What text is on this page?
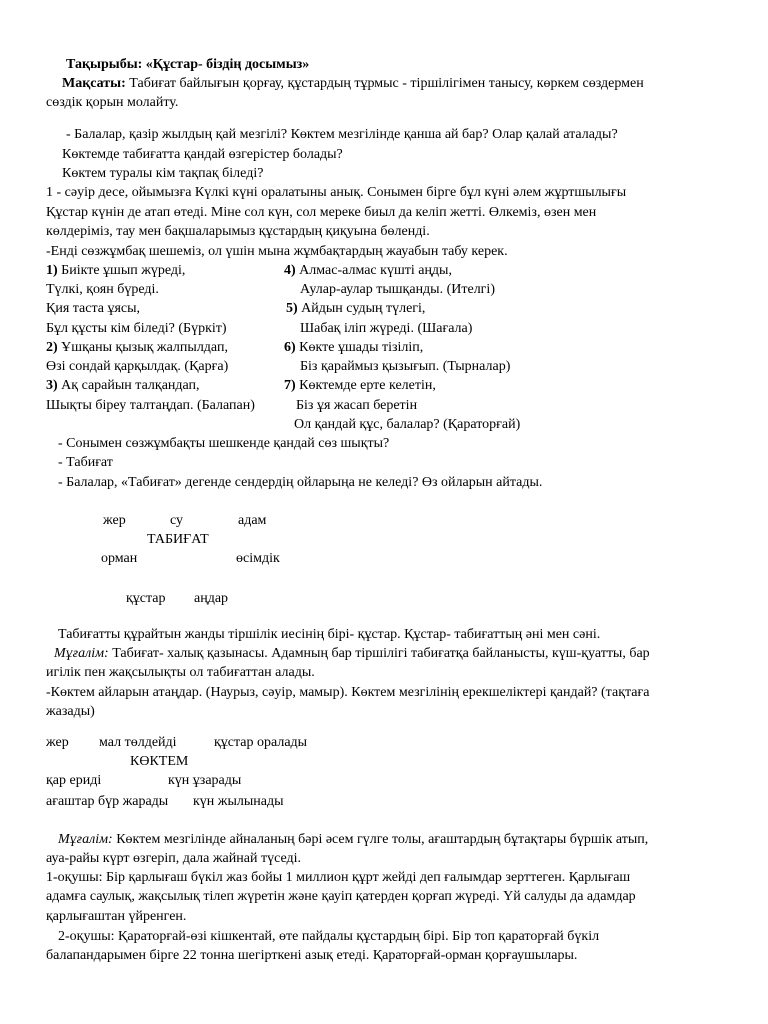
Тақырыбы: «Құстар- біздің досымыз»
Мақсаты: Табиғат байлығын қорғау, құстардың тұрмыс - тіршілігімен танысу, көркем сөздермен
сөздік қорын молайту.
- Балалар, қазір жылдың қай мезгілі? Көктем мезгілінде қанша ай бар? Олар қалай аталады?
Көктемде табиғатта қандай өзгерістер болады?
Көктем туралы кім тақпақ біледі?
1 - сәуір десе, ойымызға Күлкі күні оралатыны анық. Сонымен бірге бұл күні әлем жұртшылығы
Құстар күнін де атап өтеді. Міне сол күн, сол мереке биыл да келіп жетті. Өлкеміз, өзен мен
көлдеріміз, тау мен бақшаларымыз құстардың қиқуына бөленді.
-Енді сөзжұмбақ шешеміз, ол үшін мына жұмбақтардың жауабын табу керек.
1) Биікте ұшып жүреді,
Түлкі, қоян бүреді.
Қия таста ұясы,
Бұл құсты кім біледі? (Бүркіт)
2) Ұшқаны қызық жалпылдап,
Өзі сондай қарқылдақ. (Қарға)
3) Ақ сарайын талқандап,
Шықты біреу талтаңдап. (Балапан)
4) Алмас-алмас күшті аңды,
Аулар-аулар тышқанды. (Ителгі)
5) Айдын судың түлегі,
Шабақ іліп жүреді. (Шағала)
6) Көкте ұшады тізіліп,
Біз қараймыз қызығып. (Тырналар)
7) Көктемде ерте келетін,
Біз ұя жасап беретін
Ол қандай құс, балалар? (Қараторғай)
- Сонымен сөзжұмбақты шешкенде қандай сөз шықты?
- Табиғат
- Балалар, «Табиғат» дегенде сендердің ойларыңа не келеді? Өз ойларын айтады.
жер	су	адам
ТАБИҒАТ
орман	өсімдік
құстар аңдар
Табиғатты құрайтын жанды тіршілік иесінің бірі- құстар. Құстар- табиғаттың әні мен сәні.
Мұғалім: Табиғат- халық қазынасы. Адамның бар тіршілігі табиғатқа байланысты, күш-қуатты, бар
игілік пен жақсылықты ол табиғаттан алады.
-Көктем айларын атаңдар. (Наурыз, сәуір, мамыр). Көктем мезгілінің ерекшеліктері қандай? (тақтаға
жазады)
жер мал төлдейді	құстар оралады
КӨКТЕМ
қар ериді	күн ұзарады
ағаштар бүр жарады күн жылынады
Мұғалім: Көктем мезгілінде айналаның бәрі әсем гүлге толы, ағаштардың бұтақтары бүршік атып,
ауа-райы күрт өзгеріп, дала жайнай түседі.
1-оқушы: Бір қарлығаш бүкіл жаз бойы 1 миллион құрт жейді деп ғалымдар зерттеген. Қарлығаш
адамға саулық, жақсылық тілеп жүретін және қауіп қатерден қорғап жүреді. Үй салуды да адамдар
қарлығаштан үйренген.
2-оқушы: Қараторғай-өзі кішкентай, өте пайдалы құстардың бірі. Бір топ қараторғай бүкіл
балапандарымен бірге 22 тонна шегірткені азық етеді. Қараторғай-орман қорғаушылары.
